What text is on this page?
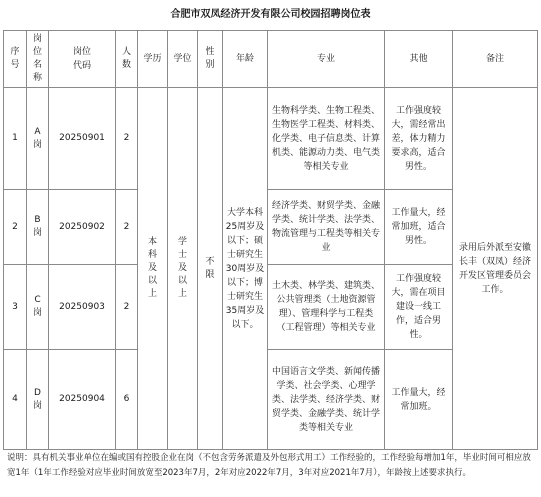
合肥市双凤经济开发有限公司校园招聘岗位表
序号	岗位名称	岗位代码	人数	学历	学位	性别	年龄	专业	其他	备注
1	A岗	20250901	2	本科及以上	学士及以上	不限	大学本科25周岁及以下；硕士研究生30周岁及以下；博士研究生35周岁及以下。	生物科学类、生物工程类、生物医学工程类、材料类、化学类、电子信息类、计算机类、能源动力类、电气类等相关专业	工作强度较大，需经常出差，体力精力要求高，适合男性。	录用后外派至安徽长丰（双凤）经济开发区管理委员会工作。

2	B岗	20250902	2					经济学类、财贸学类、金融学类、统计学类、法学类、物流管理与工程类等相关专业	工作量大，经常加班，适合男性。	

3	C岗	20250903	2					土木类、林学类、建筑类、公共管理类（土地资源管理）、管理科学与工程类（工程管理）等相关专业	工作强度较大，需在项目建设一线工作，适合男性。	

4	D岗	20250904	6					中国语言文学类、新闻传播学类、社会学类、心理学类、法学类、经济学类、财贸学类、金融学类、统计学类等相关专业	工作量大，经常加班。	
说明：具有机关事业单位在编或国有控股企业在岗（不包含劳务派遣及外包形式用工）工作经验的，工作经验每增加1年，毕业时间可相应放宽1年（1年工作经验对应毕业时间放宽至2023年7月，2年对应2022年7月，3年对应2021年7月），年龄按上述要求执行。
